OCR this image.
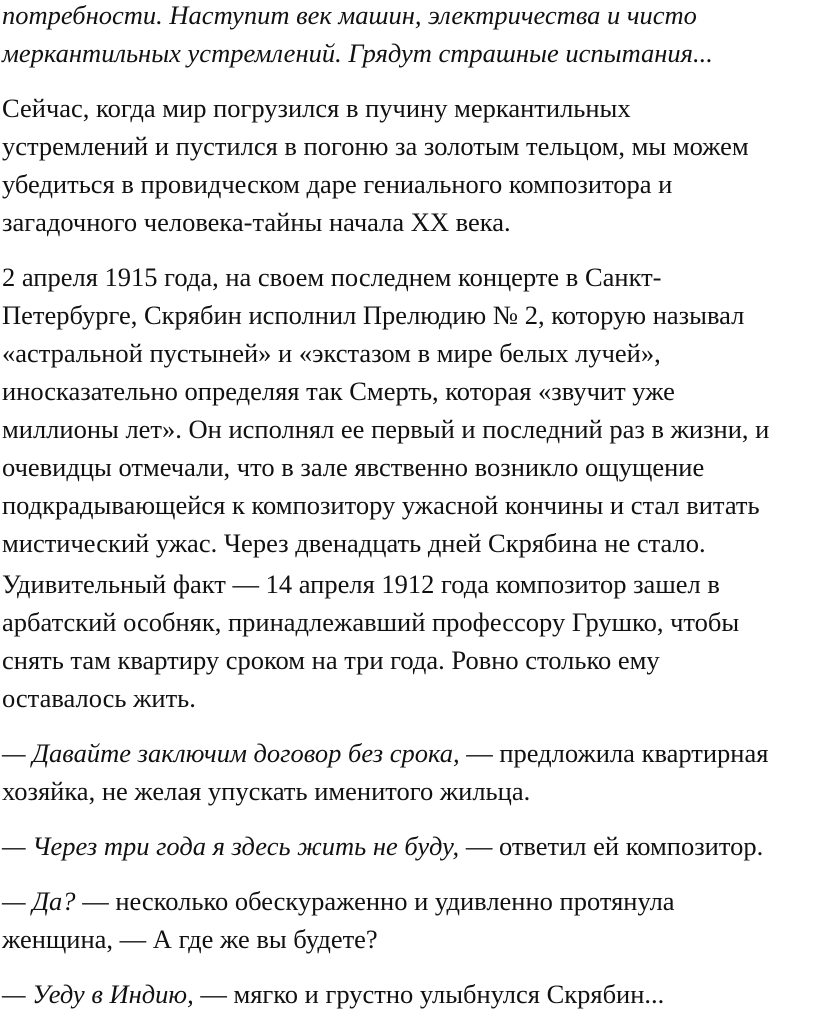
потребности. Наступит век машин, электричества и чисто
меркантильных устремлений. Грядут страшные испытания...

Сейчас, когда мир погрузился в пучину меркантильных
устремлений и пустился в погоню за золотым тельцом, мы можем
убедиться в провидческом даре гениального композитора и
загадочного человека-тайны начала XX века.

2 апреля 1915 года, на своем последнем концерте в Санкт-
Петербурге, Скрябин исполнил Прелюдию № 2, которую называл
«астральной пустыней» и «экстазом в мире белых лучей»,
иносказательно определяя так Смерть, которая «звучит уже
миллионы лет». Он исполнял ее первый и последний раз в жизни, и
очевидцы отмечали, что в зале явственно возникло ощущение
подкрадывающейся к композитору ужасной кончины и стал витать
мистический ужас. Через двенадцать дней Скрябина не стало.

Удивительный факт — 14 апреля 1912 года композитор зашел в
арбатский особняк, принадлежавший профессору Грушко, чтобы
снять там квартиру сроком на три года. Ровно столько ему
оставалось жить.

— Давайте заключим договор без срока, — предложила квартирная
хозяйка, не желая упускать именитого жильца.

— Через три года я здесь жить не буду, — ответил ей композитор.

— Да? — несколько обескураженно и удивленно протянула
женщина, — А где же вы будете?

— Уеду в Индию, — мягко и грустно улыбнулся Скрябин...
